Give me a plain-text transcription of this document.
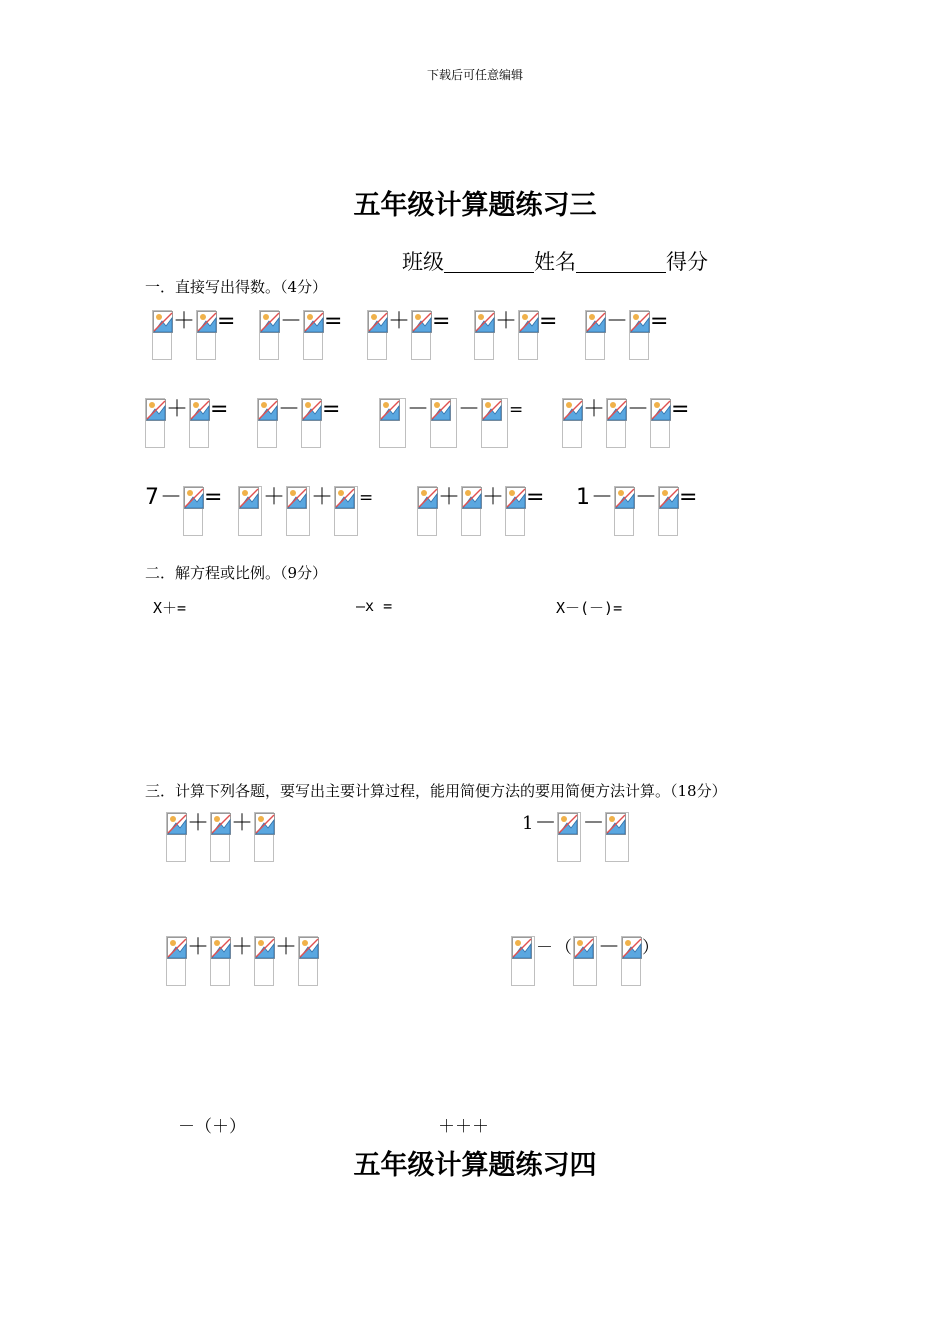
下载后可任意编辑
五年级计算题练习三
班级	姓名	得分
一．直接写出得数。（4分）
＋ = － = ＋ = ＋ = － =
＋ = － =	－ － =	＋ － =
7 － = ＋ ＋ =	＋ ＋ = 1 － － =
二．解方程或比例。（9分）
X＋=	—x =	X－(－)=
三．计算下列各题，要写出主要计算过程，能用简便方法的要用简便方法计算。（18分）
＋ ＋	1 － －
＋ ＋ ＋	－ （ － ）
－（＋）	＋＋＋
五年级计算题练习四
